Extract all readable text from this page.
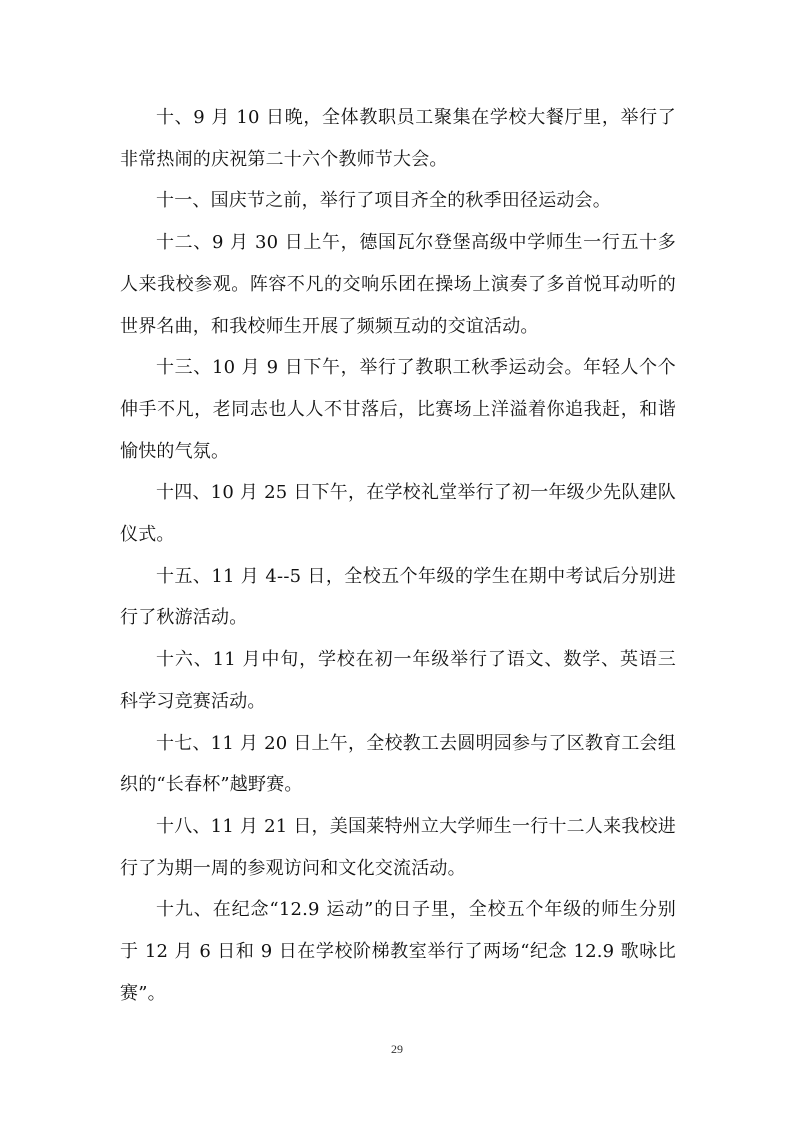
十、9 月 10 日晚，全体教职员工聚集在学校大餐厅里，举行了非常热闹的庆祝第二十六个教师节大会。

十一、国庆节之前，举行了项目齐全的秋季田径运动会。

十二、9 月 30 日上午，德国瓦尔登堡高级中学师生一行五十多人来我校参观。阵容不凡的交响乐团在操场上演奏了多首悦耳动听的世界名曲，和我校师生开展了频频互动的交谊活动。

十三、10 月 9 日下午，举行了教职工秋季运动会。年轻人个个伸手不凡，老同志也人人不甘落后，比赛场上洋溢着你追我赶，和谐愉快的气氛。

十四、10 月 25 日下午，在学校礼堂举行了初一年级少先队建队仪式。

十五、11 月 4--5 日，全校五个年级的学生在期中考试后分别进行了秋游活动。

十六、11 月中旬，学校在初一年级举行了语文、数学、英语三科学习竞赛活动。

十七、11 月 20 日上午，全校教工去圆明园参与了区教育工会组织的“长春杯”越野赛。

十八、11 月 21 日，美国莱特州立大学师生一行十二人来我校进行了为期一周的参观访问和文化交流活动。

十九、在纪念“12.9 运动”的日子里，全校五个年级的师生分别于 12 月 6 日和 9 日在学校阶梯教室举行了两场“纪念 12.9 歌咏比赛”。

29
